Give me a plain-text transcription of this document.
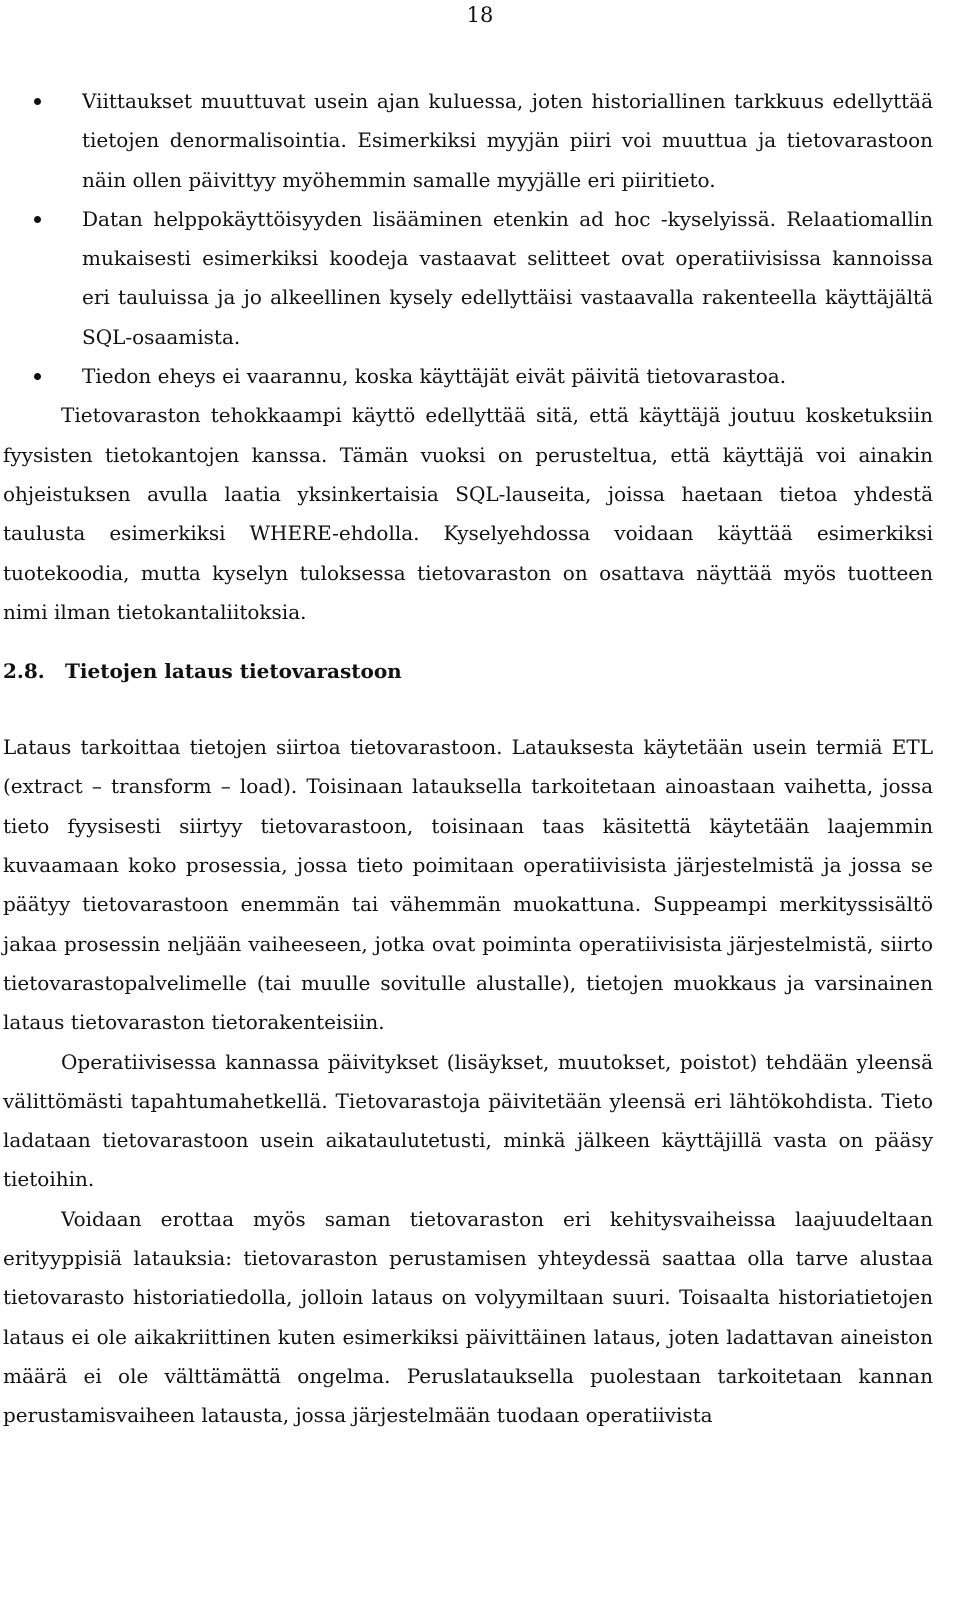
18
Viittaukset muuttuvat usein ajan kuluessa, joten historiallinen tarkkuus edellyttää tietojen denormalisointia. Esimerkiksi myyjän piiri voi muuttua ja tietovarastoon näin ollen päivittyy myöhemmin samalle myyjälle eri piiritieto.
Datan helppokäyttöisyyden lisääminen etenkin ad hoc -kyselyissä. Relaatiomallin mukaisesti esimerkiksi koodeja vastaavat selitteet ovat operatiivisissa kannoissa eri tauluissa ja jo alkeellinen kysely edellyttäisi vastaavalla rakenteella käyttäjältä SQL-osaamista.
Tiedon eheys ei vaarannu, koska käyttäjät eivät päivitä tietovarastoa.

Tietovaraston tehokkaampi käyttö edellyttää sitä, että käyttäjä joutuu kosketuksiin fyysisten tietokantojen kanssa. Tämän vuoksi on perusteltua, että käyttäjä voi ainakin ohjeistuksen avulla laatia yksinkertaisia SQL-lauseita, joissa haetaan tietoa yhdestä taulusta esimerkiksi WHERE-ehdolla. Kyselyehdossa voidaan käyttää esimerkiksi tuotekoodia, mutta kyselyn tuloksessa tietovaraston on osattava näyttää myös tuotteen nimi ilman tietokantaliitoksia.

2.8. Tietojen lataus tietovarastoon

Lataus tarkoittaa tietojen siirtoa tietovarastoon. Latauksesta käytetään usein termiä ETL (extract – transform – load). Toisinaan latauksella tarkoitetaan ainoastaan vaihetta, jossa tieto fyysisesti siirtyy tietovarastoon, toisinaan taas käsitettä käytetään laajemmin kuvaamaan koko prosessia, jossa tieto poimitaan operatiivisista järjestelmistä ja jossa se päätyy tietovarastoon enemmän tai vähemmän muokattuna. Suppeampi merkityssisältö jakaa prosessin neljään vaiheeseen, jotka ovat poiminta operatiivisista järjestelmistä, siirto tietovarastopalvelimelle (tai muulle sovitulle alustalle), tietojen muokkaus ja varsinainen lataus tietovaraston tietorakenteisiin.

Operatiivisessa kannassa päivitykset (lisäykset, muutokset, poistot) tehdään yleensä välittömästi tapahtumahetkellä. Tietovarastoja päivitetään yleensä eri lähtökohdista. Tieto ladataan tietovarastoon usein aikataulutetusti, minkä jälkeen käyttäjillä vasta on pääsy tietoihin.

Voidaan erottaa myös saman tietovaraston eri kehitysvaiheissa laajuudeltaan erityyppisiä latauksia: tietovaraston perustamisen yhteydessä saattaa olla tarve alustaa tietovarasto historiatiedolla, jolloin lataus on volyymiltaan suuri. Toisaalta historiatietojen lataus ei ole aikakriittinen kuten esimerkiksi päivittäinen lataus, joten ladattavan aineiston määrä ei ole välttämättä ongelma. Peruslatauksella puolestaan tarkoitetaan kannan perustamisvaiheen latausta, jossa järjestelmään tuodaan operatiivista
